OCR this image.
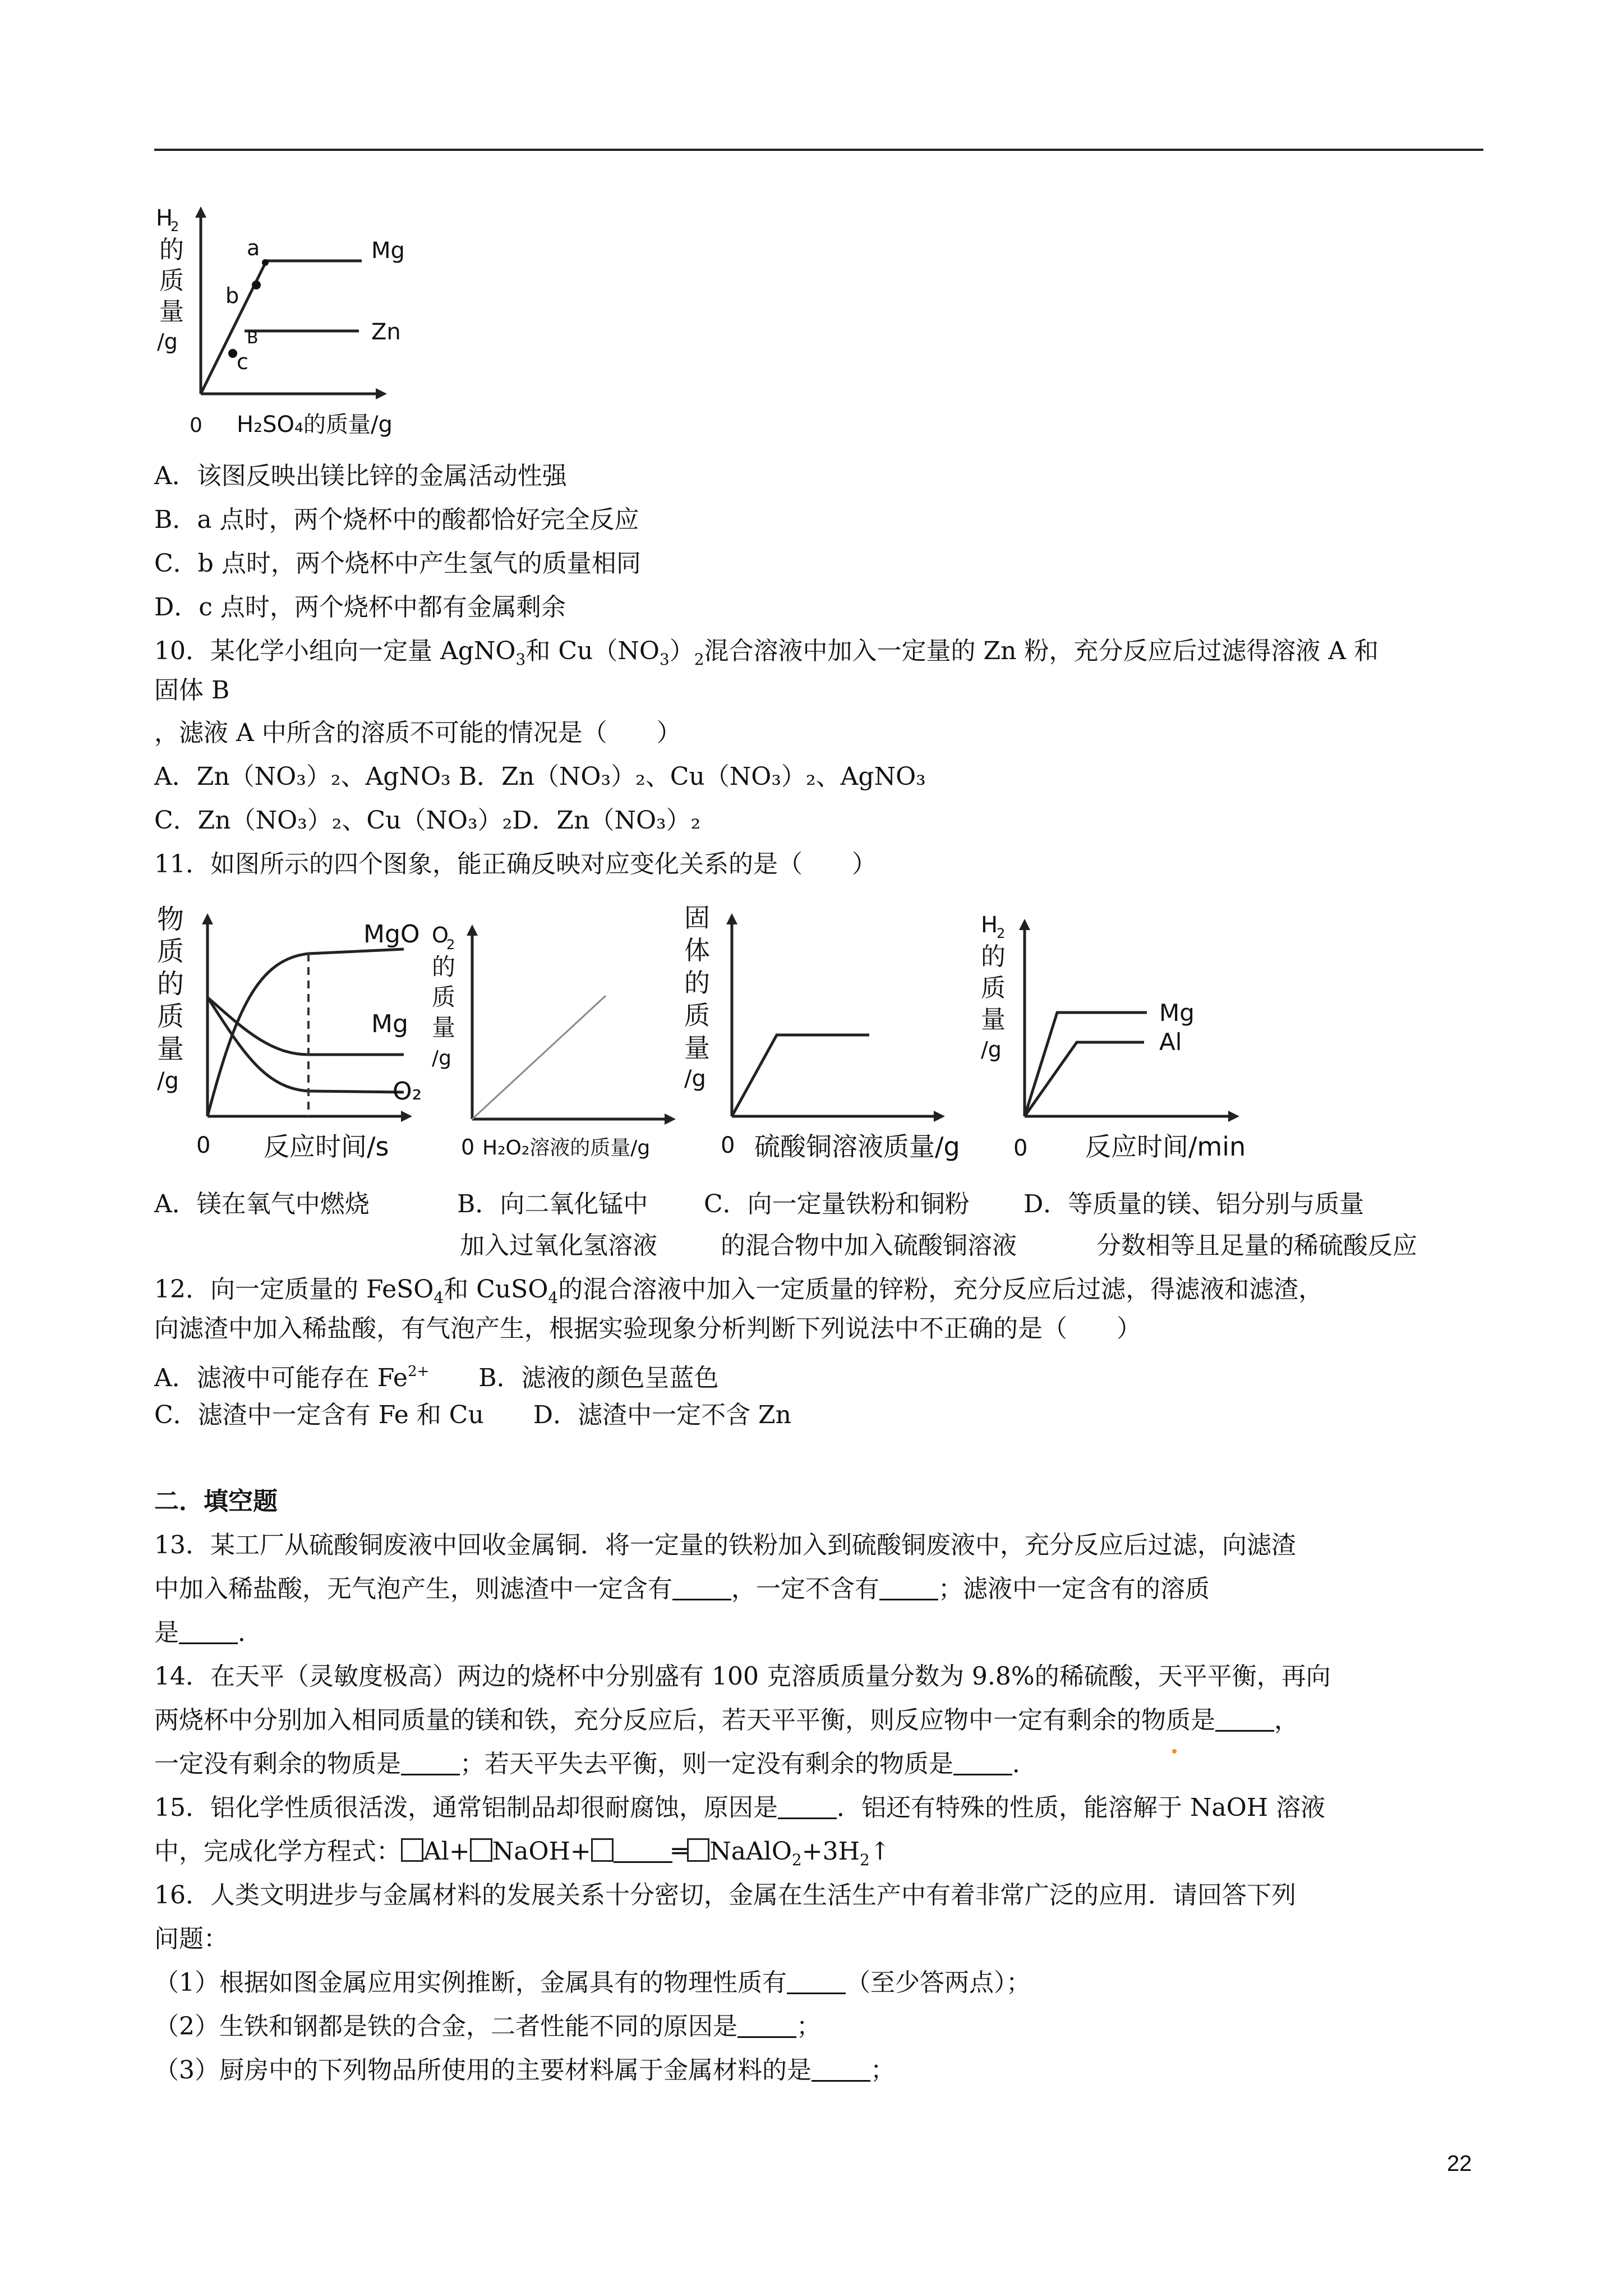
H
2
的
质
量
/g
a
b
B
c
Mg
Zn
0 H₂SO₄的质量/g
A．该图反映出镁比锌的金属活动性强
B．a 点时，两个烧杯中的酸都恰好完全反应
C．b 点时，两个烧杯中产生氢气的质量相同
D．c 点时，两个烧杯中都有金属剩余
10．某化学小组向一定量 AgNO$_3$和 $Cu(NO_3)_2$混合溶液中加入一定量的 Zn 粉，充分反应后过滤得溶液 A 和
固体 B
，滤液 A 中所含的溶质不可能的情况是（　　）
A．Zn（NO₃）₂、AgNO₃ B．Zn（NO₃）₂、Cu（NO₃）₂、AgNO₃
C．Zn（NO₃）₂、Cu（NO₃）₂D．Zn（NO₃）₂
11．如图所示的四个图象，能正确反映对应变化关系的是（　　）
物
质
的
质
量
/g
MgO
Mg
O₂
0 反应时间/s
O
2
的
质
量
/g
0 H₂O₂溶液的质量/g
固
体
的
质
量
/g
0 硫酸铜溶液质量/g
H
2
的
质
量
/g
Mg
Al
0 反应时间/min
A．镁在氧气中燃烧	B．向二氧化锰中
加入过氧化氢溶液
C．向一定量铁粉和铜粉
的混合物中加入硫酸铜溶液
D．等质量的镁、铝分别与质量
分数相等且足量的稀硫酸反应
12．向一定质量的 FeSO$_4$和 CuSO$_4$的混合溶液中加入一定质量的锌粉，充分反应后过滤，得滤液和滤渣，
向滤渣中加入稀盐酸，有气泡产生，根据实验现象分析判断下列说法中不正确的是（　　）
A．滤液中可能存在 $Fe^{2+}$　　 B．滤液的颜色呈蓝色
C．滤渣中一定含有 Fe 和 Cu　　 D．滤渣中一定不含 Zn
二．填空题
13．某工厂从硫酸铜废液中回收金属铜．将一定量的铁粉加入到硫酸铜废液中，充分反应后过滤，向滤渣
中加入稀盐酸，无气泡产生，则滤渣中一定含有 ，一定不含有 ；滤液中一定含有的溶质
是 ．
14．在天平（灵敏度极高）两边的烧杯中分别盛有 100 克溶质质量分数为 9.8%的稀硫酸，天平平衡，再向
两烧杯中分别加入相同质量的镁和铁，充分反应后，若天平平衡，则反应物中一定有剩余的物质是 ，
一定没有剩余的物质是 ；若天平失去平衡，则一定没有剩余的物质是 ．
15．铝化学性质很活泼，通常铝制品却很耐腐蚀，原因是 ．铝还有特殊的性质，能溶解于 NaOH 溶液
中，完成化学方程式： Al+ NaOH+	═ $NaAlO_2+3H_2↑$
16．人类文明进步与金属材料的发展关系十分密切，金属在生活生产中有着非常广泛的应用．请回答下列
问题：
（1）根据如图金属应用实例推断，金属具有的物理性质有 （至少答两点）；
（2）生铁和钢都是铁的合金，二者性能不同的原因是 ；
（3）厨房中的下列物品所使用的主要材料属于金属材料的是 ；
22
